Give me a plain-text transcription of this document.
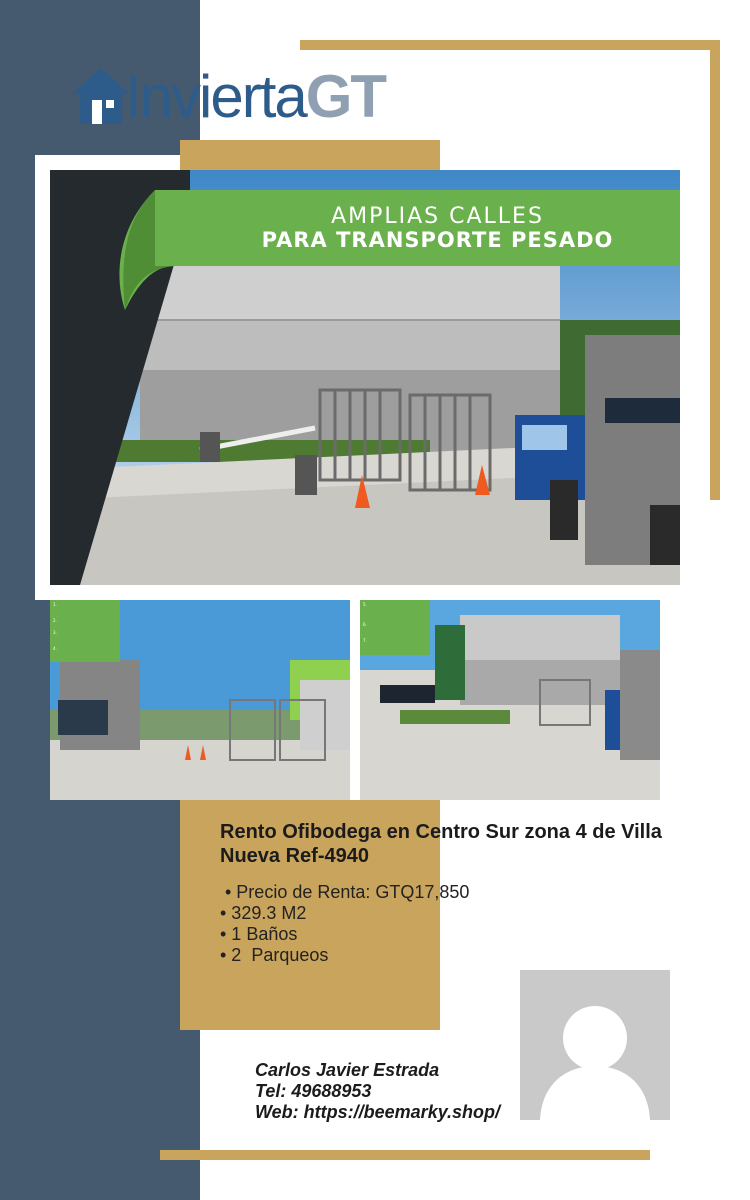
InviertaGT
AMPLIAS CALLES
PARA TRANSPORTE PESADO
1.
2.
3.
4.
5.
6.
7.
Rento Ofibodega en Centro Sur zona 4 de Villa Nueva Ref-4940
• Precio de Renta: GTQ17,850
• 329.3 M2
• 1 Baños
• 2  Parqueos
Carlos Javier Estrada
Tel: 49688953
Web: https://beemarky.shop/
